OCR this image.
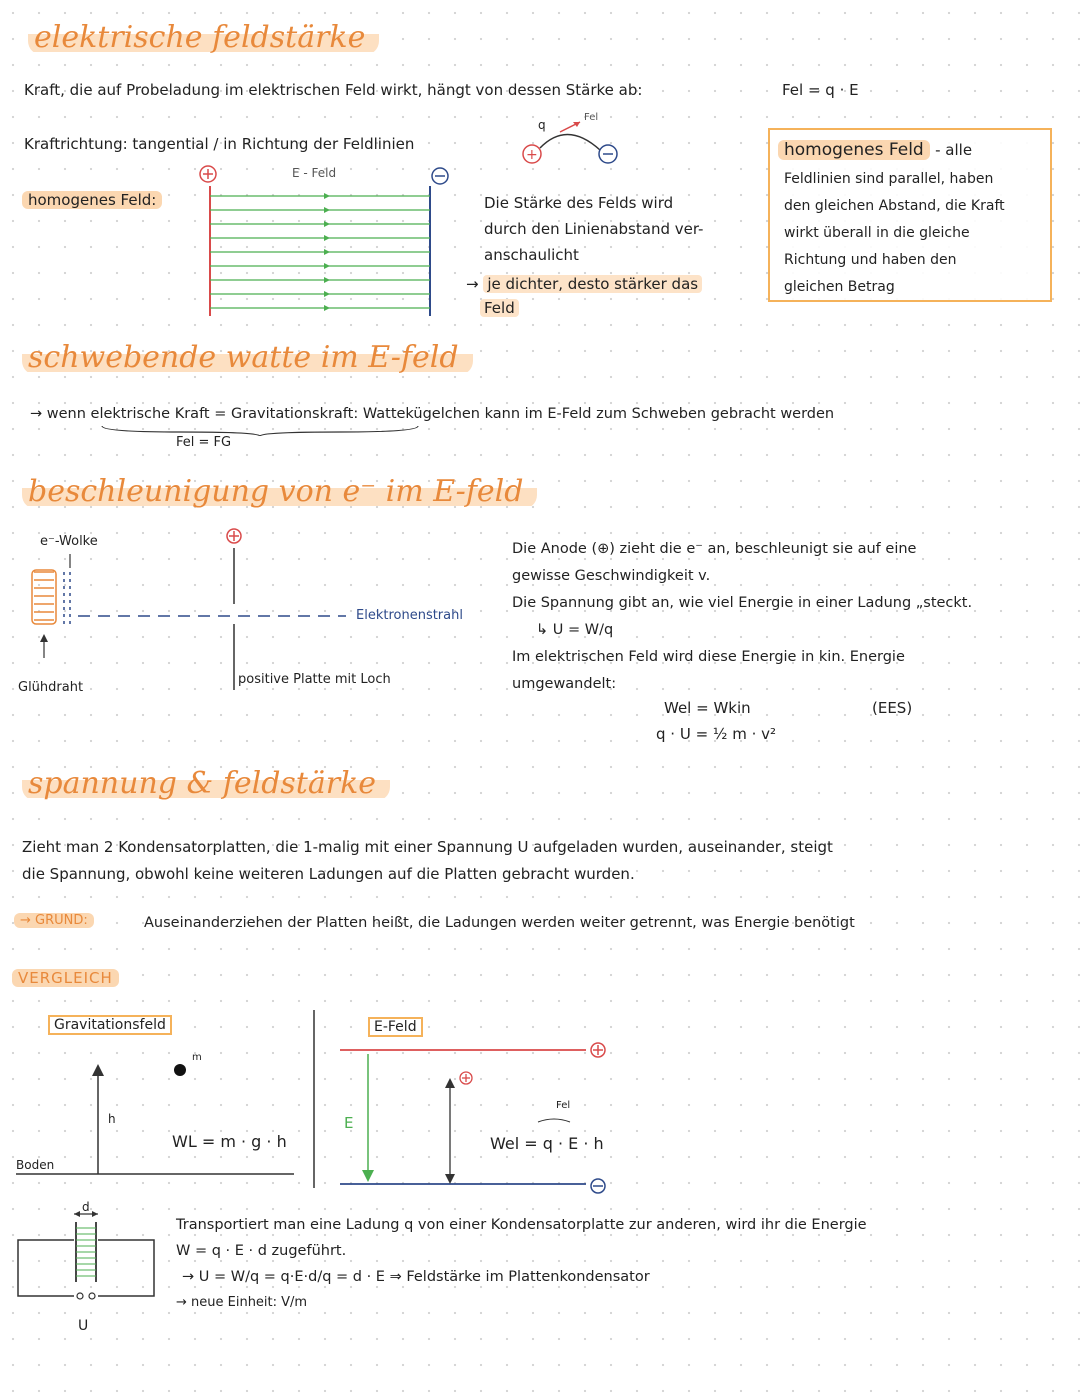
elektrische feldstärke
Kraft, die auf Probeladung im elektrischen Feld wirkt, hängt von dessen Stärke ab:	Fel = q · E
Kraftrichtung: tangential / in Richtung der Feldlinien
+
q
Fel
homogenes Feld:
E - Feld
Die Stärke des Felds wird
durch den Linienabstand ver-
anschaulicht
→ je dichter, desto stärker das
Feld
homogenes Feld - alle
Feldlinien sind parallel, haben
den gleichen Abstand, die Kraft
wirkt überall in die gleiche
Richtung und haben den
gleichen Betrag
schwebende watte im E-feld
→ wenn elektrische Kraft = Gravitationskraft: Wattekügelchen kann im E-Feld zum Schweben gebracht werden
Fel = FG
beschleunigung von e⁻ im E-feld
e⁻-Wolke
Glühdraht
positive Platte mit Loch
Elektronenstrahl
Die Anode (⊕) zieht die e⁻ an, beschleunigt sie auf eine
gewisse Geschwindigkeit v.
Die Spannung gibt an, wie viel Energie in einer Ladung „steckt.
↳ U = W/q
Im elektrischen Feld wird diese Energie in kin. Energie
umgewandelt:
Wel = Wkin
q · U = ½ m · v²
(EES)
spannung & feldstärke
Zieht man 2 Kondensatorplatten, die 1-malig mit einer Spannung U aufgeladen wurden, auseinander, steigt
die Spannung, obwohl keine weiteren Ladungen auf die Platten gebracht wurden.
→ GRUND:	Auseinanderziehen der Platten heißt, die Ladungen werden weiter getrennt, was Energie benötigt
VERGLEICH
Gravitationsfeld	E-Feld
m
h
WL = m · g · h
Boden
E
Wel = q · E · h
Fel
d
U
Transportiert man eine Ladung q von einer Kondensatorplatte zur anderen, wird ihr die Energie
W = q · E · d zugeführt.
→ U = W/q = q·E·d/q = d · E ⇒ Feldstärke im Plattenkondensator
→ neue Einheit: V/m
